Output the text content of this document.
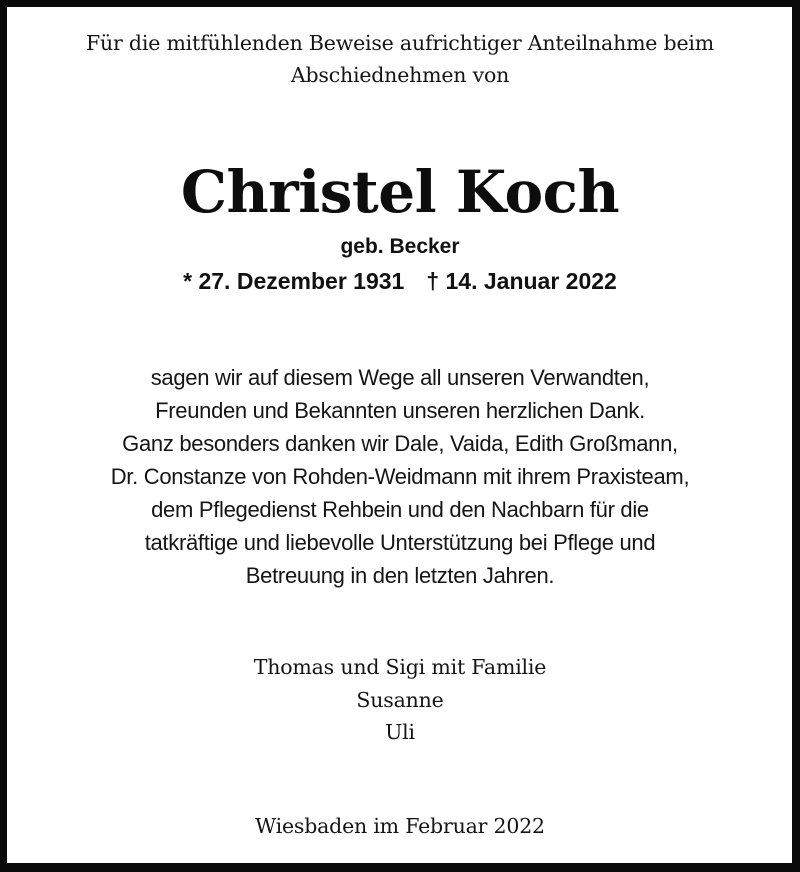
Für die mitfühlenden Beweise aufrichtiger Anteilnahme beim
Abschiednehmen von
Christel Koch
geb. Becker
* 27. Dezember 1931 † 14. Januar 2022
sagen wir auf diesem Wege all unseren Verwandten,
Freunden und Bekannten unseren herzlichen Dank.
Ganz besonders danken wir Dale, Vaida, Edith Großmann,
Dr. Constanze von Rohden-Weidmann mit ihrem Praxisteam,
dem Pflegedienst Rehbein und den Nachbarn für die
tatkräftige und liebevolle Unterstützung bei Pflege und
Betreuung in den letzten Jahren.
Thomas und Sigi mit Familie
Susanne
Uli
Wiesbaden im Februar 2022
